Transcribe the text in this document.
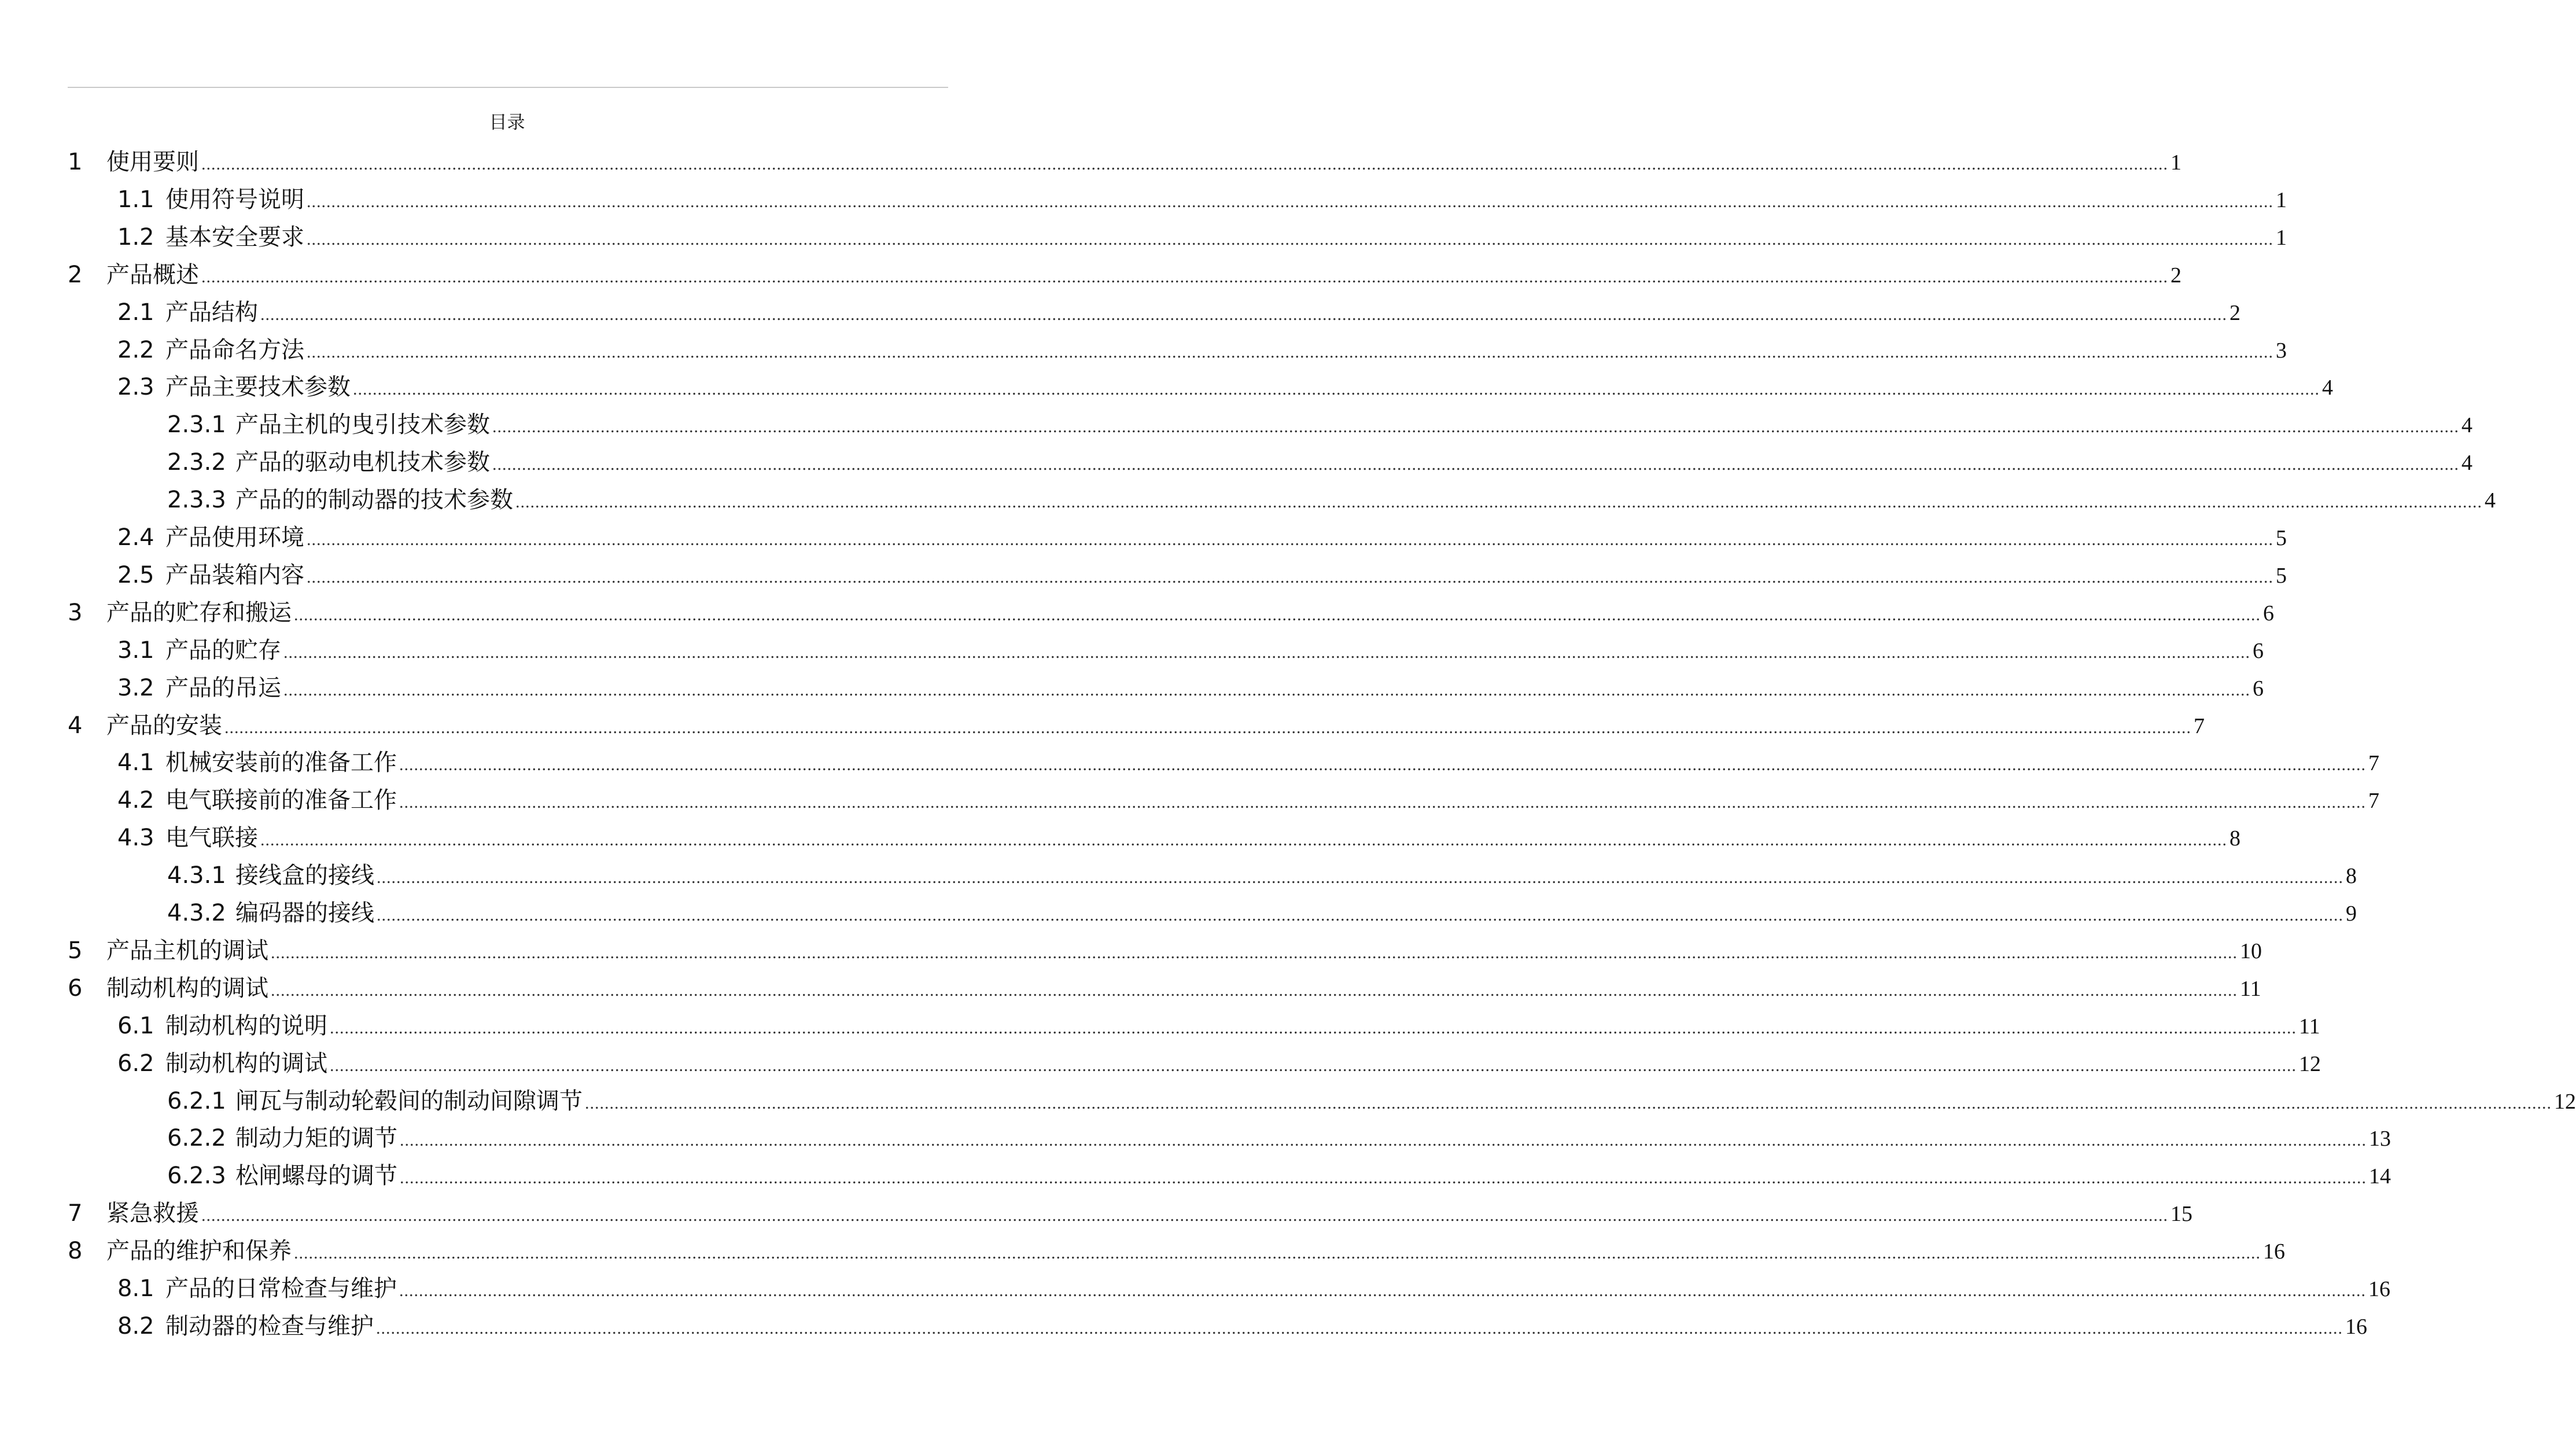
目录
1	使用要则 ................................................................................................................................................................................................................................................................................................................................................................................................................ 1
1.1 使用符号说明 ................................................................................................................................................................................................................................................................................................................................................................................................................ 1
1.2 基本安全要求 ................................................................................................................................................................................................................................................................................................................................................................................................................ 1
2	产品概述 ................................................................................................................................................................................................................................................................................................................................................................................................................ 2
2.1 产品结构 ................................................................................................................................................................................................................................................................................................................................................................................................................ 2
2.2 产品命名方法 ................................................................................................................................................................................................................................................................................................................................................................................................................ 3
2.3 产品主要技术参数 ................................................................................................................................................................................................................................................................................................................................................................................................................ 4
2.3.1 产品主机的曳引技术参数 ................................................................................................................................................................................................................................................................................................................................................................................................................ 4
2.3.2 产品的驱动电机技术参数 ................................................................................................................................................................................................................................................................................................................................................................................................................ 4
2.3.3 产品的的制动器的技术参数 ................................................................................................................................................................................................................................................................................................................................................................................................................ 4
2.4 产品使用环境 ................................................................................................................................................................................................................................................................................................................................................................................................................ 5
2.5 产品装箱内容 ................................................................................................................................................................................................................................................................................................................................................................................................................ 5
3	产品的贮存和搬运 ................................................................................................................................................................................................................................................................................................................................................................................................................ 6
3.1 产品的贮存 ................................................................................................................................................................................................................................................................................................................................................................................................................ 6
3.2 产品的吊运 ................................................................................................................................................................................................................................................................................................................................................................................................................ 6
4	产品的安装 ................................................................................................................................................................................................................................................................................................................................................................................................................ 7
4.1 机械安装前的准备工作 ................................................................................................................................................................................................................................................................................................................................................................................................................ 7
4.2 电气联接前的准备工作 ................................................................................................................................................................................................................................................................................................................................................................................................................ 7
4.3 电气联接 ................................................................................................................................................................................................................................................................................................................................................................................................................ 8
4.3.1 接线盒的接线 ................................................................................................................................................................................................................................................................................................................................................................................................................ 8
4.3.2 编码器的接线 ................................................................................................................................................................................................................................................................................................................................................................................................................ 9
5	产品主机的调试 ................................................................................................................................................................................................................................................................................................................................................................................................................ 10
6	制动机构的调试 ................................................................................................................................................................................................................................................................................................................................................................................................................ 11
6.1 制动机构的说明 ................................................................................................................................................................................................................................................................................................................................................................................................................ 11
6.2 制动机构的调试 ................................................................................................................................................................................................................................................................................................................................................................................................................ 12
6.2.1 闸瓦与制动轮毂间的制动间隙调节 ................................................................................................................................................................................................................................................................................................................................................................................................................ 12
6.2.2 制动力矩的调节 ................................................................................................................................................................................................................................................................................................................................................................................................................ 13
6.2.3 松闸螺母的调节 ................................................................................................................................................................................................................................................................................................................................................................................................................ 14
7	紧急救援 ................................................................................................................................................................................................................................................................................................................................................................................................................ 15
8	产品的维护和保养 ................................................................................................................................................................................................................................................................................................................................................................................................................ 16
8.1 产品的日常检查与维护 ................................................................................................................................................................................................................................................................................................................................................................................................................ 16
8.2 制动器的检查与维护 ................................................................................................................................................................................................................................................................................................................................................................................................................ 16
